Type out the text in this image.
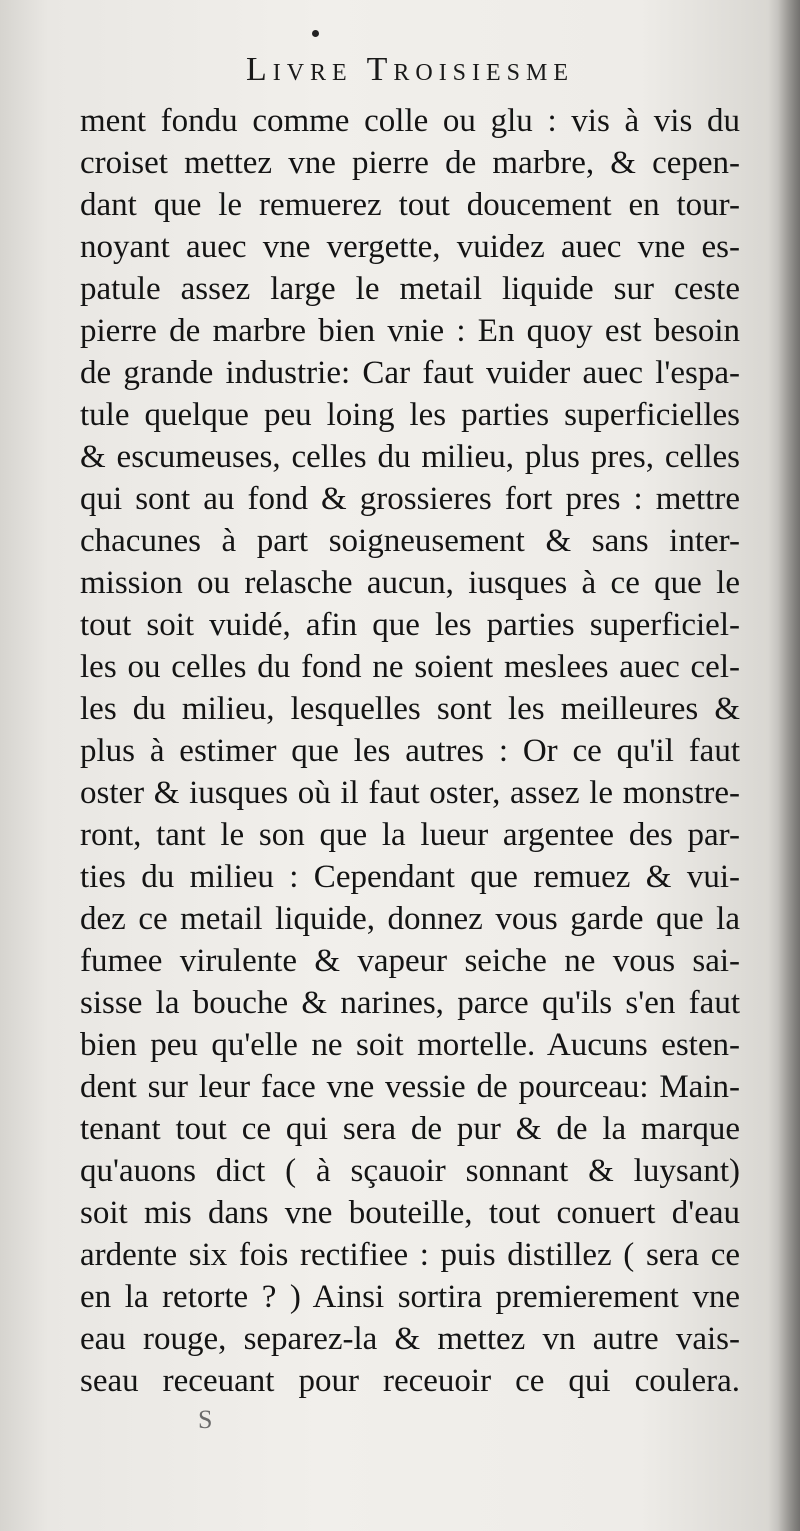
Livre Troisiesme
ment fondu comme colle ou glu : vis à vis du
croiset mettez vne pierre de marbre, & cepen-
dant que le remuerez tout doucement en tour-
noyant auec vne vergette, vuidez auec vne es-
patule assez large le metail liquide sur ceste
pierre de marbre bien vnie : En quoy est besoin
de grande industrie: Car faut vuider auec l'espa-
tule quelque peu loing les parties superficielles
& escumeuses, celles du milieu, plus pres, celles
qui sont au fond & grossieres fort pres : mettre
chacunes à part soigneusement & sans inter-
mission ou relasche aucun, iusques à ce que le
tout soit vuidé, afin que les parties superficiel-
les ou celles du fond ne soient meslees auec cel-
les du milieu, lesquelles sont les meilleures &
plus à estimer que les autres : Or ce qu'il faut
oster & iusques où il faut oster, assez le monstre-
ront, tant le son que la lueur argentee des par-
ties du milieu : Cependant que remuez & vui-
dez ce metail liquide, donnez vous garde que la
fumee virulente & vapeur seiche ne vous sai-
sisse la bouche & narines, parce qu'ils s'en faut
bien peu qu'elle ne soit mortelle. Aucuns esten-
dent sur leur face vne vessie de pourceau: Main-
tenant tout ce qui sera de pur & de la marque
qu'auons dict ( à sçauoir sonnant & luysant)
soit mis dans vne bouteille, tout conuert d'eau
ardente six fois rectifiee : puis distillez ( sera ce
en la retorte ? ) Ainsi sortira premierement vne
eau rouge, separez-la & mettez vn autre vais-
seau receuant pour receuoir ce qui coulera.
S
